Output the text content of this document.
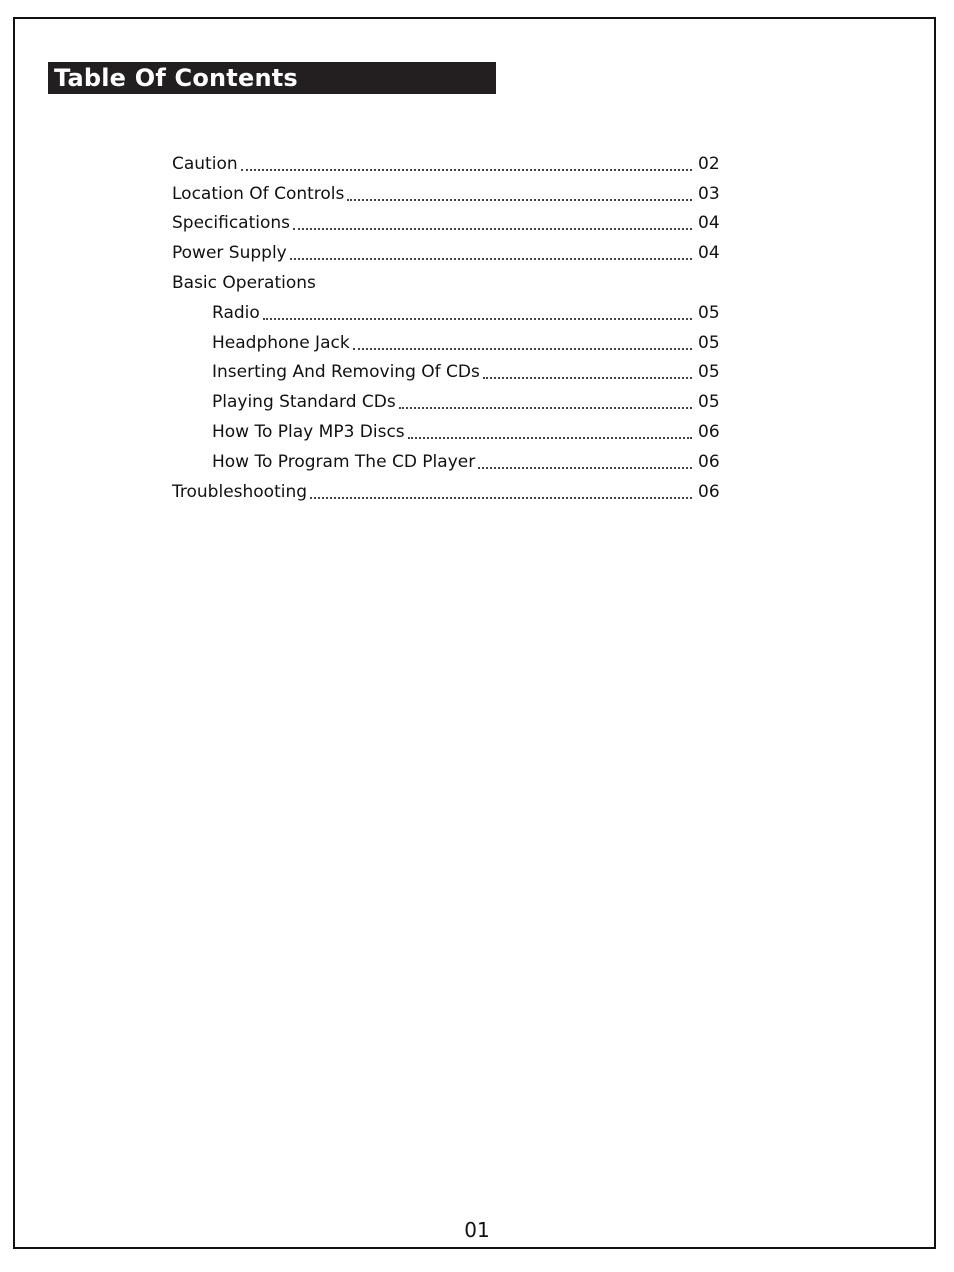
Table Of Contents
Caution	02
Location Of Controls	03
Specifications	04
Power Supply	04
Basic Operations
Radio	05
Headphone Jack	05
Inserting And Removing Of CDs	05
Playing Standard CDs	05
How To Play MP3 Discs	06
How To Program The CD Player	06
Troubleshooting	06
01
